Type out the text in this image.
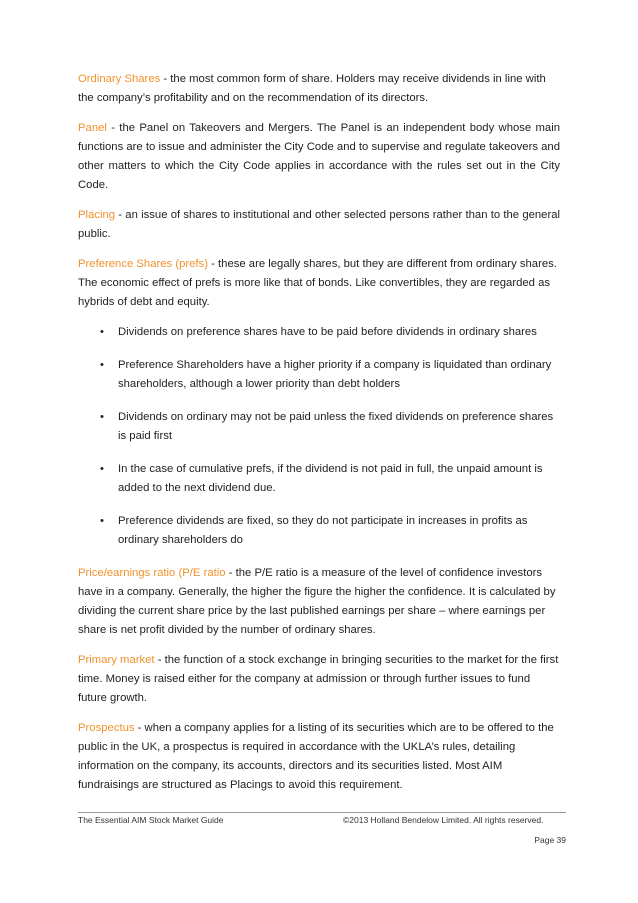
Ordinary Shares - the most common form of share. Holders may receive dividends in line with the company’s profitability and on the recommendation of its directors.

Panel - the Panel on Takeovers and Mergers. The Panel is an independent body whose main functions are to issue and administer the City Code and to supervise and regulate takeovers and other matters to which the City Code applies in accordance with the rules set out in the City Code.

Placing - an issue of shares to institutional and other selected persons rather than to the general public.

Preference Shares (prefs) - these are legally shares, but they are different from ordinary shares. The economic effect of prefs is more like that of bonds. Like convertibles, they are regarded as hybrids of debt and equity.

• Dividends on preference shares have to be paid before dividends in ordinary shares
• Preference Shareholders have a higher priority if a company is liquidated than ordinary shareholders, although a lower priority than debt holders
• Dividends on ordinary may not be paid unless the fixed dividends on preference shares is paid first
• In the case of cumulative prefs, if the dividend is not paid in full, the unpaid amount is added to the next dividend due.
• Preference dividends are fixed, so they do not participate in increases in profits as ordinary shareholders do

Price/earnings ratio (P/E ratio - the P/E ratio is a measure of the level of confidence investors have in a company. Generally, the higher the figure the higher the confidence. It is calculated by dividing the current share price by the last published earnings per share – where earnings per share is net profit divided by the number of ordinary shares.

Primary market - the function of a stock exchange in bringing securities to the market for the first time. Money is raised either for the company at admission or through further issues to fund future growth.

Prospectus - when a company applies for a listing of its securities which are to be offered to the public in the UK, a prospectus is required in accordance with the UKLA’s rules, detailing information on the company, its accounts, directors and its securities listed. Most AIM fundraisings are structured as Placings to avoid this requirement.

The Essential AIM Stock Market Guide	©2013 Holland Bendelow Limited. All rights reserved.
Page 39
